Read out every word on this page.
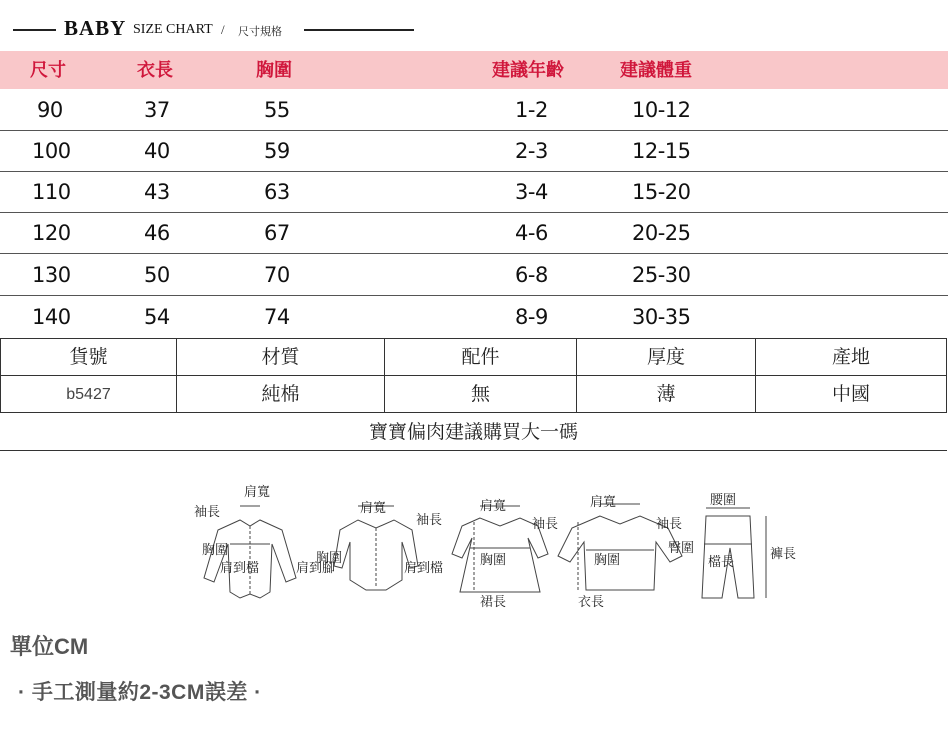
BABY SIZE CHART / 尺寸規格
尺寸	衣長	胸圍	建議年齡	建議體重
90	37	55	1-2	10-12
100	40	59	2-3	12-15
110	43	63	3-4	15-20
120	46	67	4-6	20-25
130	50	70	6-8	25-30
140	54	74	8-9	30-35
貨號	材質	配件	厚度	產地
b5427	純棉	無	薄	中國
寶寶偏肉建議購買大一碼
袖長
肩寬
胸圍
肩到檔	肩到腳
肩寬
袖長
胸圍
肩到檔
肩寬
袖長
胸圍
裙長
肩寬
袖長
胸圍
衣長
腰圍
臀圍
檔長
褲長
單位CM
· 手工測量約2-3CM誤差 ·
